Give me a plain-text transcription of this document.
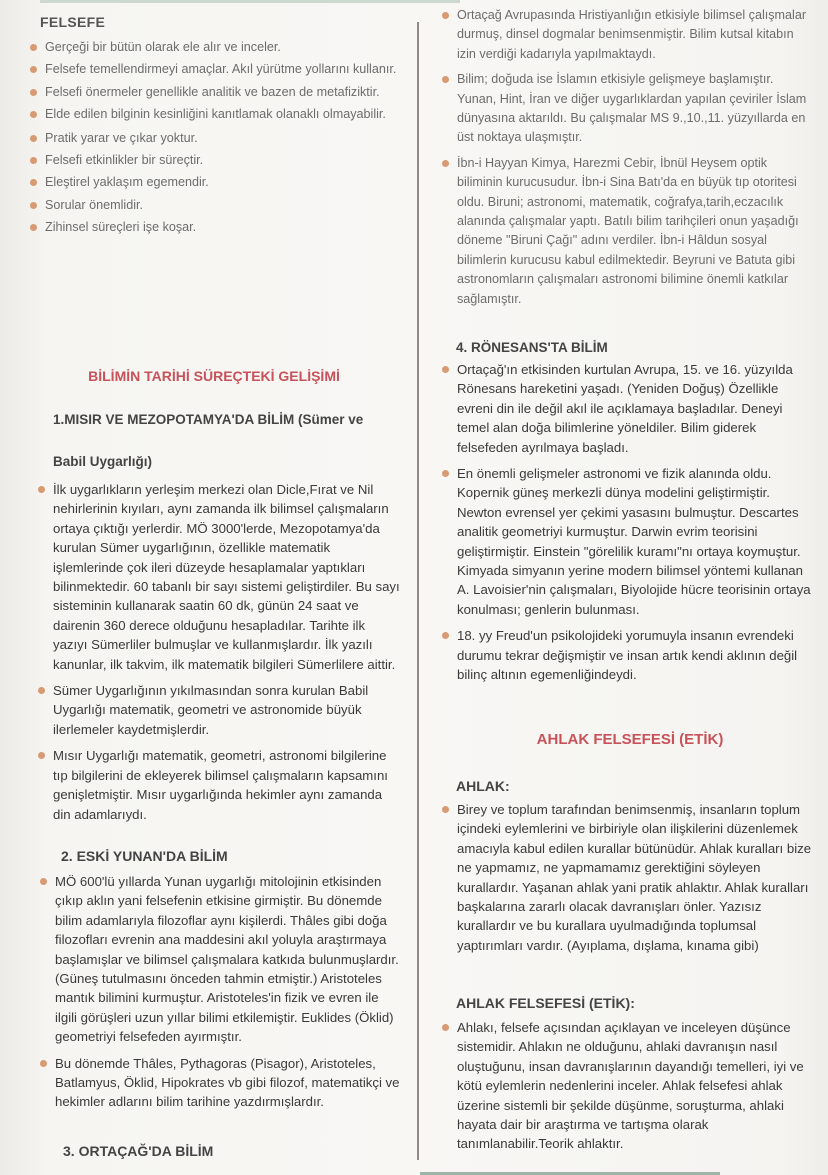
FELSEFE
Gerçeği bir bütün olarak ele alır ve inceler.
Felsefe temellendirmeyi amaçlar. Akıl yürütme yollarını kullanır.
Felsefi önermeler genellikle analitik ve bazen de metafiziktir.
Elde edilen bilginin kesinliğini kanıtlamak olanaklı olmayabilir.
Pratik yarar ve çıkar yoktur.
Felsefi etkinlikler bir süreçtir.
Eleştirel yaklaşım egemendir.
Sorular önemlidir.
Zihinsel süreçleri işe koşar.
BİLİMİN TARİHİ SÜREÇTEKİ GELİŞİMİ
1.MISIR VE MEZOPOTAMYA'DA BİLİM (Sümer ve
Babil Uygarlığı)
İlk uygarlıkların yerleşim merkezi olan Dicle,Fırat ve Nil nehirlerinin kıyıları, aynı zamanda ilk bilimsel çalışmaların ortaya çıktığı yerlerdir. MÖ 3000'lerde, Mezopotamya'da kurulan Sümer uygarlığının, özellikle matematik işlemlerinde çok ileri düzeyde hesaplamalar yaptıkları bilinmektedir. 60 tabanlı bir sayı sistemi geliştirdiler. Bu sayı sisteminin kullanarak saatin 60 dk, günün 24 saat ve dairenin 360 derece olduğunu hesapladılar. Tarihte ilk yazıyı Sümerliler bulmuşlar ve kullanmışlardır. İlk yazılı kanunlar, ilk takvim, ilk matematik bilgileri Sümerlilere aittir.
Sümer Uygarlığının yıkılmasından sonra kurulan Babil Uygarlığı matematik, geometri ve astronomide büyük ilerlemeler kaydetmişlerdir.
Mısır Uygarlığı matematik, geometri, astronomi bilgilerine tıp bilgilerini de ekleyerek bilimsel çalışmaların kapsamını genişletmiştir. Mısır uygarlığında hekimler aynı zamanda din adamlarıydı.
2. ESKİ YUNAN'DA BİLİM
MÖ 600'lü yıllarda Yunan uygarlığı mitolojinin etkisinden çıkıp aklın yani felsefenin etkisine girmiştir. Bu dönemde bilim adamlarıyla filozoflar aynı kişilerdi. Thâles gibi doğa filozofları evrenin ana maddesini akıl yoluyla araştırmaya başlamışlar ve bilimsel çalışmalara katkıda bulunmuşlardır. (Güneş tutulmasını önceden tahmin etmiştir.) Aristoteles mantık bilimini kurmuştur. Aristoteles'in fizik ve evren ile ilgili görüşleri uzun yıllar bilimi etkilemiştir. Euklides (Öklid) geometriyi felsefeden ayırmıştır.
Bu dönemde Thâles, Pythagoras (Pisagor), Aristoteles, Batlamyus, Öklid, Hipokrates vb gibi filozof, matematikçi ve hekimler adlarını bilim tarihine yazdırmışlardır.
3. ORTAÇAĞ'DA BİLİM
Ortaçağ Avrupasında Hristiyanlığın etkisiyle bilimsel çalışmalar durmuş, dinsel dogmalar benimsenmiştir. Bilim kutsal kitabın izin verdiği kadarıyla yapılmaktaydı.
Bilim; doğuda ise İslamın etkisiyle gelişmeye başlamıştır. Yunan, Hint, İran ve diğer uygarlıklardan yapılan çeviriler İslam dünyasına aktarıldı. Bu çalışmalar MS 9.,10.,11. yüzyıllarda en üst noktaya ulaşmıştır.
İbn-i Hayyan Kimya, Harezmi Cebir, İbnül Heysem optik biliminin kurucusudur. İbn-i Sina Batı'da en büyük tıp otoritesi oldu. Biruni; astronomi, matematik, coğrafya,tarih,eczacılık alanında çalışmalar yaptı. Batılı bilim tarihçileri onun yaşadığı döneme "Biruni Çağı" adını verdiler. İbn-i Hâldun sosyal bilimlerin kurucusu kabul edilmektedir. Beyruni ve Batuta gibi astronomların çalışmaları astronomi bilimine önemli katkılar sağlamıştır.
4. RÖNESANS'TA BİLİM
Ortaçağ'ın etkisinden kurtulan Avrupa, 15. ve 16. yüzyılda Rönesans hareketini yaşadı. (Yeniden Doğuş) Özellikle evreni din ile değil akıl ile açıklamaya başladılar. Deneyi temel alan doğa bilimlerine yöneldiler. Bilim giderek felsefeden ayrılmaya başladı.
En önemli gelişmeler astronomi ve fizik alanında oldu. Kopernik güneş merkezli dünya modelini geliştirmiştir. Newton evrensel yer çekimi yasasını bulmuştur. Descartes analitik geometriyi kurmuştur. Darwin evrim teorisini geliştirmiştir. Einstein "görelilik kuramı"nı ortaya koymuştur. Kimyada simyanın yerine modern bilimsel yöntemi kullanan A. Lavoisier'nin çalışmaları, Biyolojide hücre teorisinin ortaya konulması; genlerin bulunması.
18. yy Freud'un psikolojideki yorumuyla insanın evrendeki durumu tekrar değişmiştir ve insan artık kendi aklının değil bilinç altının egemenliğindeydi.
AHLAK FELSEFESİ (ETİK)
AHLAK:
Birey ve toplum tarafından benimsenmiş, insanların toplum içindeki eylemlerini ve birbiriyle olan ilişkilerini düzenlemek amacıyla kabul edilen kurallar bütünüdür. Ahlak kuralları bize ne yapmamız, ne yapmamamız gerektiğini söyleyen kurallardır. Yaşanan ahlak yani pratik ahlaktır. Ahlak kuralları başkalarına zararlı olacak davranışları önler. Yazısız kurallardır ve bu kurallara uyulmadığında toplumsal yaptırımları vardır. (Ayıplama, dışlama, kınama gibi)
AHLAK FELSEFESİ (ETİK):
Ahlakı, felsefe açısından açıklayan ve inceleyen düşünce sistemidir. Ahlakın ne olduğunu, ahlaki davranışın nasıl oluştuğunu, insan davranışlarının dayandığı temelleri, iyi ve kötü eylemlerin nedenlerini inceler. Ahlak felsefesi ahlak üzerine sistemli bir şekilde düşünme, soruşturma, ahlaki hayata dair bir araştırma ve tartışma olarak tanımlanabilir.Teorik ahlaktır.
